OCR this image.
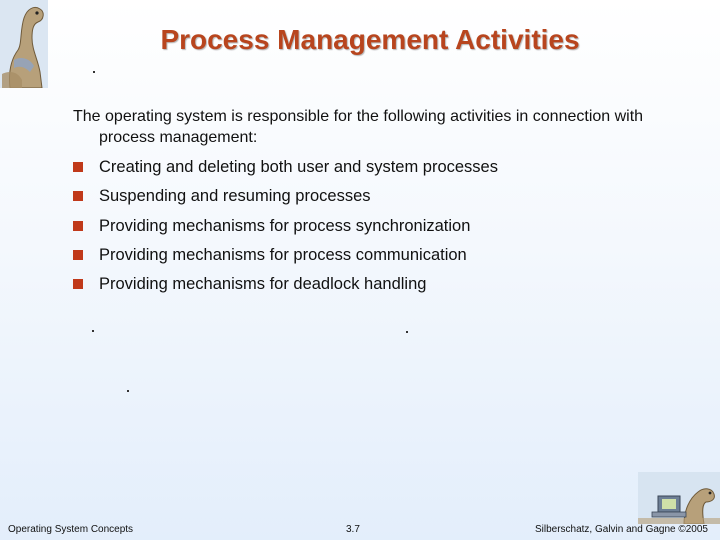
Process Management Activities

The operating system is responsible for the following activities in connection with process management:

Creating and deleting both user and system processes
Suspending and resuming processes
Providing mechanisms for process synchronization
Providing mechanisms for process communication
Providing mechanisms for deadlock handling
Operating System Concepts	3.7	Silberschatz, Galvin and Gagne ©2005
